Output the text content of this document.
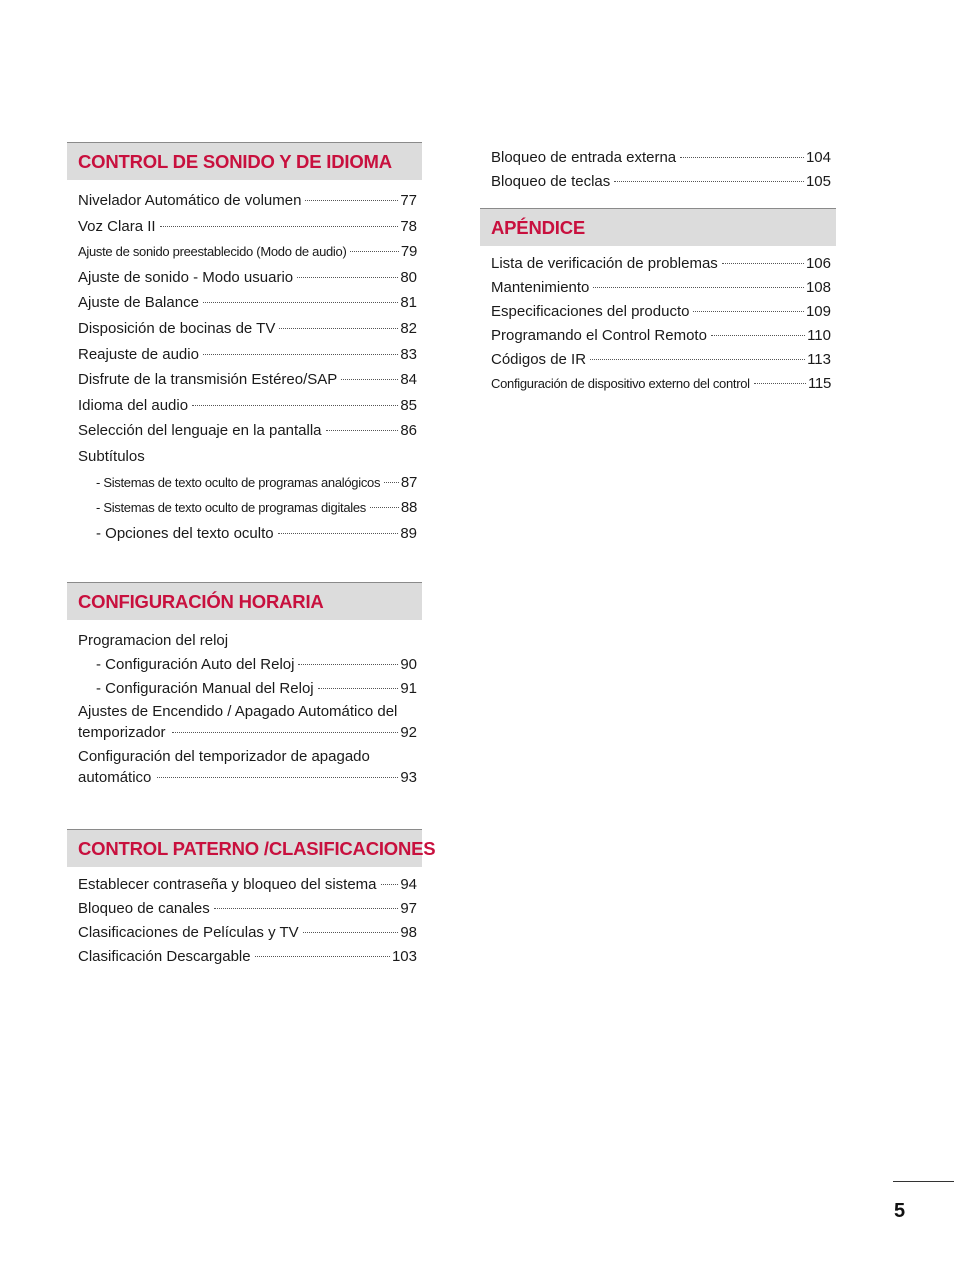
CONTROL DE SONIDO Y DE IDIOMA
Nivelador Automático de volumen	77
Voz Clara II	78
Ajuste de sonido preestablecido (Modo de audio)	79
Ajuste de sonido - Modo usuario	80
Ajuste de Balance	81
Disposición de bocinas de TV	82
Reajuste de audio	83
Disfrute de la transmisión Estéreo/SAP	84
Idioma del audio	85
Selección del lenguaje en la pantalla	86
Subtítulos
- Sistemas de texto oculto de programas analógicos 87
- Sistemas de texto oculto de programas digitales 88
- Opciones del texto oculto	89
CONFIGURACIÓN HORARIA
Programacion del reloj
- Configuración Auto del Reloj	90
- Configuración Manual del Reloj	91
Ajustes de Encendido / Apagado Automático del
temporizador	92
Configuración del temporizador de apagado
automático	93
CONTROL PATERNO /CLASIFICACIONES
Establecer contraseña y bloqueo del sistema 94
Bloqueo de canales	97
Clasificaciones de Películas y TV	98
Clasificación Descargable	103
Bloqueo de entrada externa	104
Bloqueo de teclas	105
APÉNDICE
Lista de verificación de problemas	106
Mantenimiento	108
Especificaciones del producto	109
Programando el Control Remoto	110
Códigos de IR	113
Configuración de dispositivo externo del control	115
5
